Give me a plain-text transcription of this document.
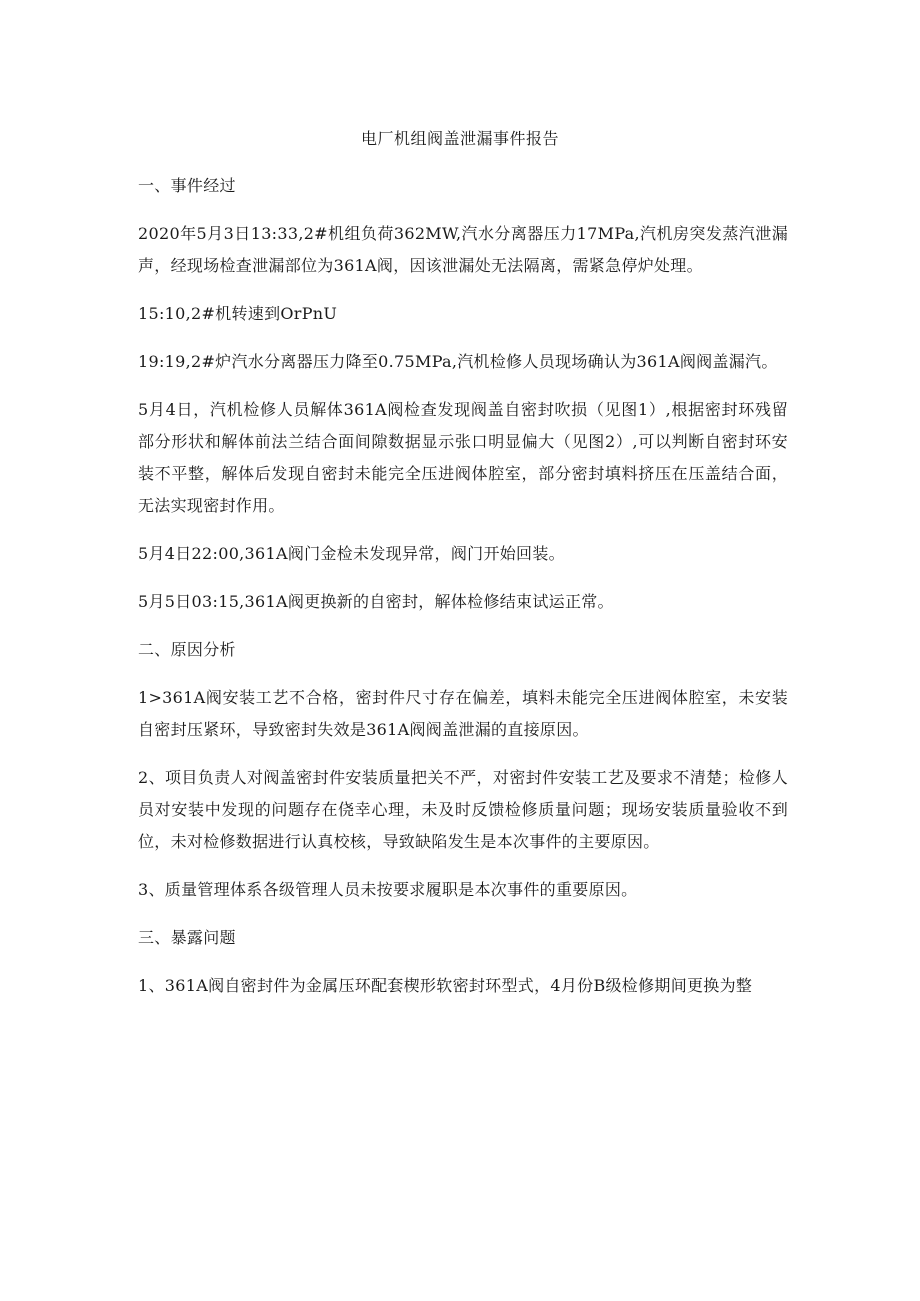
电厂机组阀盖泄漏事件报告

一、事件经过

2020年5月3日13:33,2#机组负荷362MW,汽水分离器压力17MPa,汽机房突发蒸汽泄漏声，经现场检查泄漏部位为361A阀，因该泄漏处无法隔离，需紧急停炉处理。

15:10,2#机转速到OrPnU

19:19,2#炉汽水分离器压力降至0.75MPa,汽机检修人员现场确认为361A阀阀盖漏汽。

5月4日，汽机检修人员解体361A阀检查发现阀盖自密封吹损（见图1）,根据密封环残留部分形状和解体前法兰结合面间隙数据显示张口明显偏大（见图2）,可以判断自密封环安装不平整，解体后发现自密封未能完全压进阀体腔室，部分密封填料挤压在压盖结合面，无法实现密封作用。

5月4日22:00,361A阀门金检未发现异常，阀门开始回装。

5月5日03:15,361A阀更换新的自密封，解体检修结束试运正常。

二、原因分析

1>361A阀安装工艺不合格，密封件尺寸存在偏差，填料未能完全压进阀体腔室，未安装自密封压紧环，导致密封失效是361A阀阀盖泄漏的直接原因。

2、项目负责人对阀盖密封件安装质量把关不严，对密封件安装工艺及要求不清楚；检修人员对安装中发现的问题存在侥幸心理，未及时反馈检修质量问题；现场安装质量验收不到位，未对检修数据进行认真校核，导致缺陷发生是本次事件的主要原因。

3、质量管理体系各级管理人员未按要求履职是本次事件的重要原因。

三、暴露问题

1、361A阀自密封件为金属压环配套楔形软密封环型式，4月份B级检修期间更换为整
